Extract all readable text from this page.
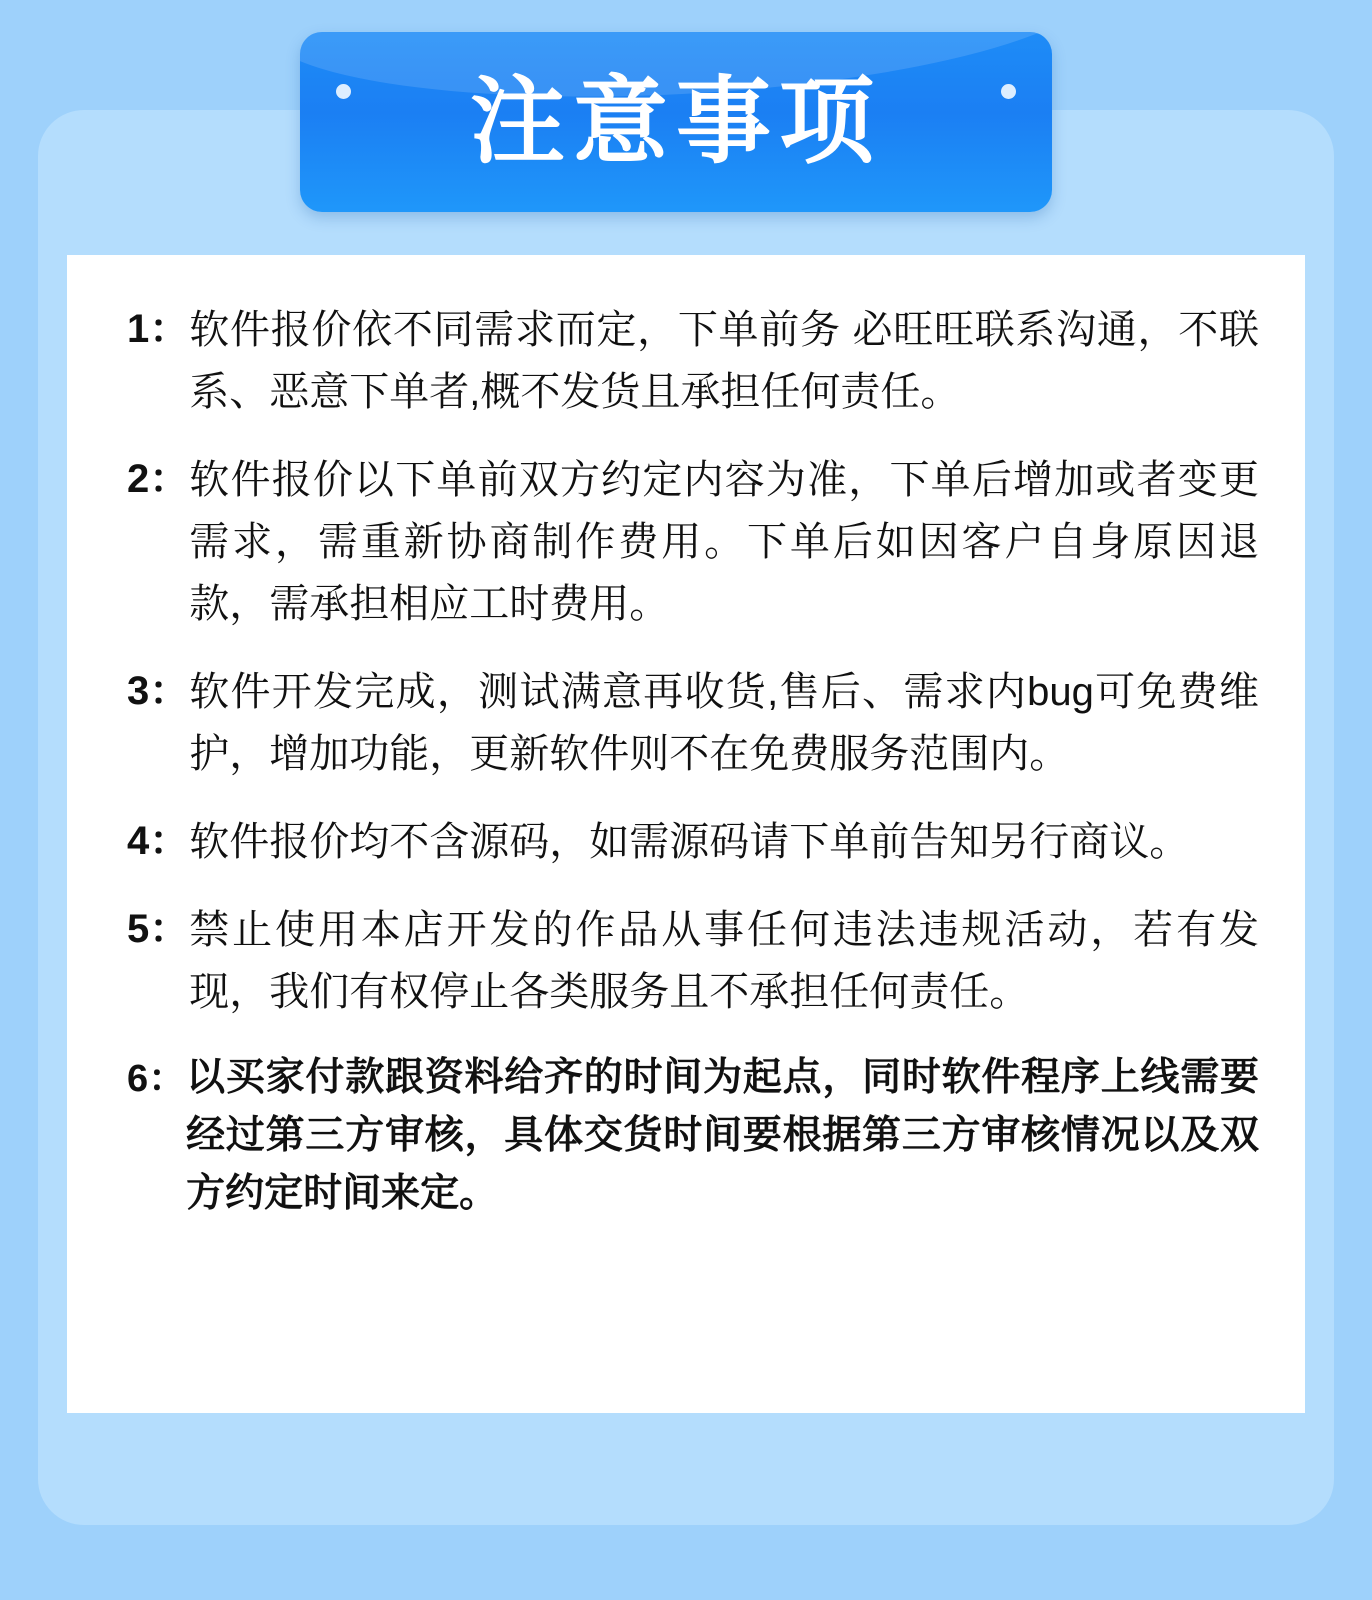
注意事项
1： 软件报价依不同需求而定，下单前务 必旺旺联系沟通，不联系、恶意下单者,概不发货且承担任何责任。
2： 软件报价以下单前双方约定内容为准，下单后增加或者变更需求，需重新协商制作费用。下单后如因客户自身原因退款，需承担相应工时费用。
3： 软件开发完成，测试满意再收货,售后、需求内bug可免费维护，增加功能，更新软件则不在免费服务范围内。
4： 软件报价均不含源码，如需源码请下单前告知另行商议。
5： 禁止使用本店开发的作品从事任何违法违规活动，若有发现，我们有权停止各类服务且不承担任何责任。
6： 以买家付款跟资料给齐的时间为起点，同时软件程序上线需要经过第三方审核，具体交货时间要根据第三方审核情况以及双方约定时间来定。
